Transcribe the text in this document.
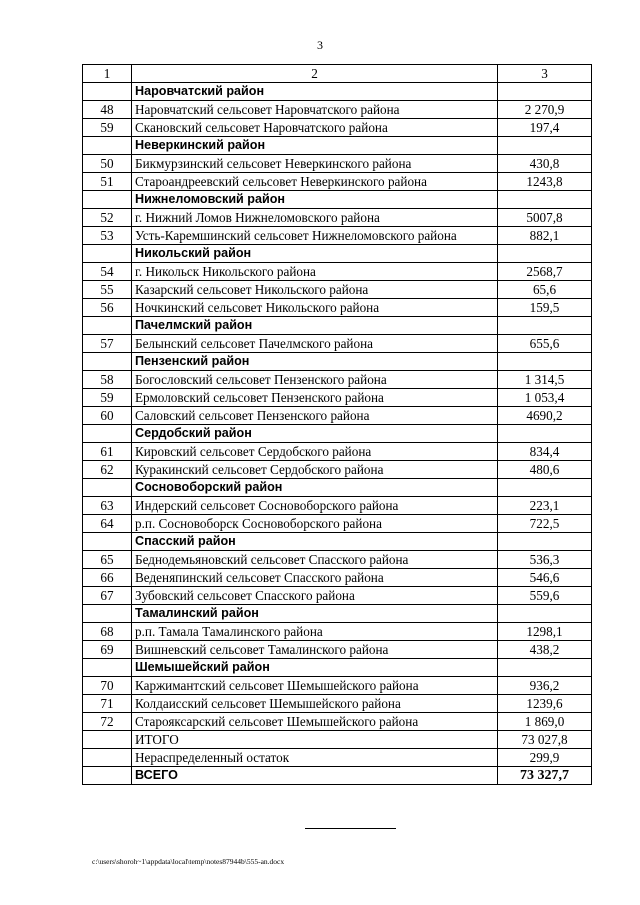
3
1	2	3
	Наровчатский район	
48	Наровчатский сельсовет Наровчатского района	2 270,9
59	Скановский сельсовет Наровчатского района	197,4
	Неверкинский район	
50	Бикмурзинский сельсовет Неверкинского района	430,8
51	Староандреевский сельсовет Неверкинского района	1243,8
	Нижнеломовский район	
52	г. Нижний Ломов Нижнеломовского района	5007,8
53	Усть-Каремшинский сельсовет Нижнеломовского района	882,1
	Никольский район	
54	г. Никольск Никольского района	2568,7
55	Казарский сельсовет Никольского района	65,6
56	Ночкинский сельсовет Никольского района	159,5
	Пачелмский район	
57	Белынский сельсовет Пачелмского района	655,6
	Пензенский район	
58	Богословский сельсовет Пензенского района	1 314,5
59	Ермоловский сельсовет Пензенского района	1 053,4
60	Саловский сельсовет Пензенского района	4690,2
	Сердобский район	
61	Кировский сельсовет Сердобского района	834,4
62	Куракинский сельсовет Сердобского района	480,6
	Сосновоборский район	
63	Индерский сельсовет Сосновоборского района	223,1
64	р.п. Сосновоборск Сосновоборского района	722,5
	Спасский район	
65	Беднодемьяновский сельсовет Спасского района	536,3
66	Веденяпинский сельсовет Спасского района	546,6
67	Зубовский сельсовет Спасского района	559,6
	Тамалинский район	
68	р.п. Тамала Тамалинского района	1298,1
69	Вишневский сельсовет Тамалинского района	438,2
	Шемышейский район	
70	Каржимантский сельсовет Шемышейского района	936,2
71	Колдаисский сельсовет Шемышейского района	1239,6
72	Старояксарский сельсовет Шемышейского района	1 869,0
	ИТОГО	73 027,8
	Нераспределенный остаток	299,9
	ВСЕГО	73 327,7
c:\users\shoroh~1\appdata\local\temp\notes87944b\555-an.docx
